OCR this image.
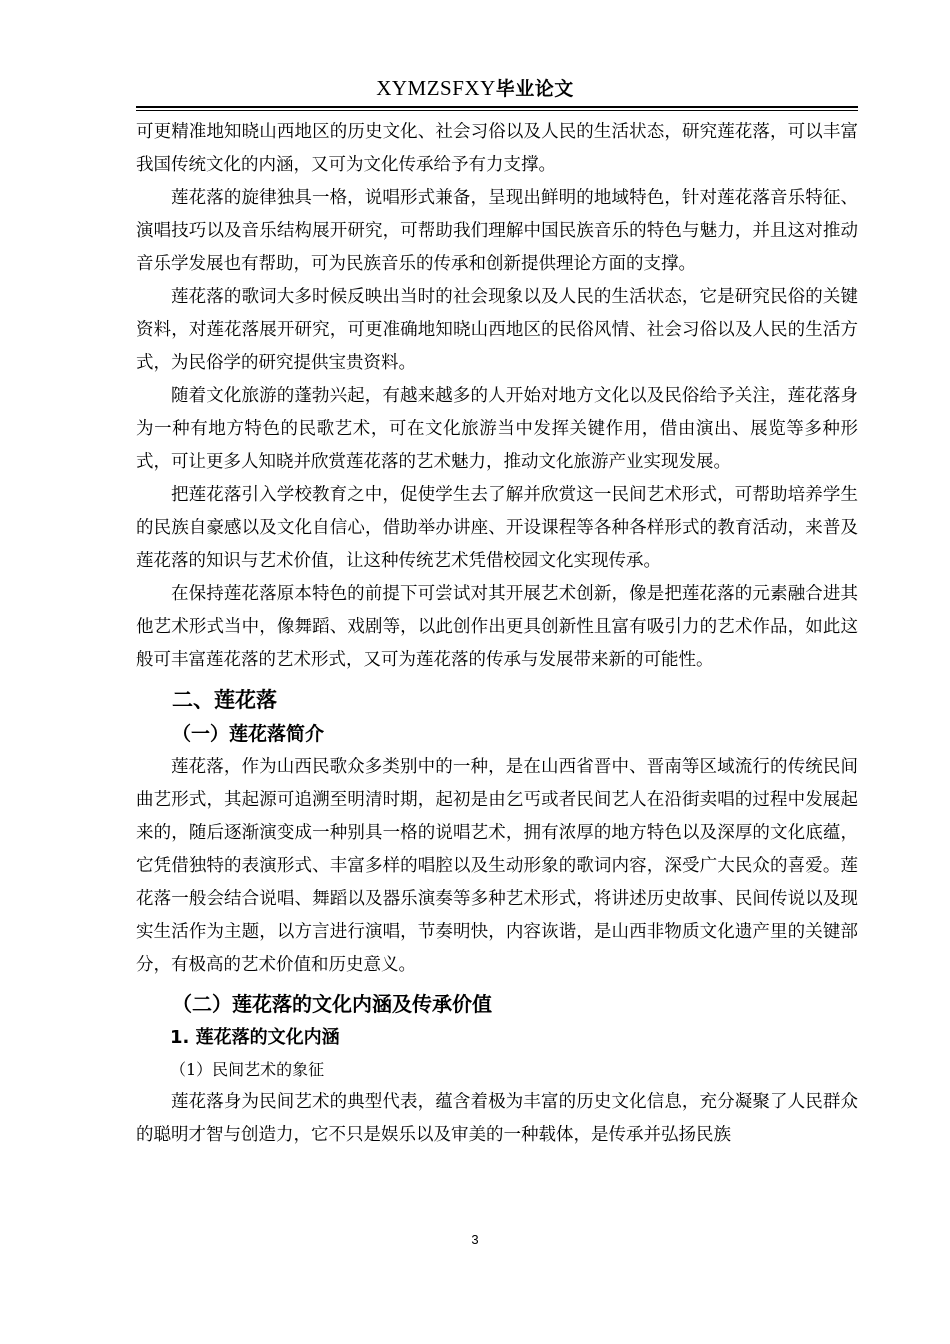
XYMZSFXY毕业论文

可更精准地知晓山西地区的历史文化、社会习俗以及人民的生活状态，研究莲花落，可以丰富我国传统文化的内涵，又可为文化传承给予有力支撑。

莲花落的旋律独具一格，说唱形式兼备，呈现出鲜明的地域特色，针对莲花落音乐特征、演唱技巧以及音乐结构展开研究，可帮助我们理解中国民族音乐的特色与魅力，并且这对推动音乐学发展也有帮助，可为民族音乐的传承和创新提供理论方面的支撑。

莲花落的歌词大多时候反映出当时的社会现象以及人民的生活状态，它是研究民俗的关键资料，对莲花落展开研究，可更准确地知晓山西地区的民俗风情、社会习俗以及人民的生活方式，为民俗学的研究提供宝贵资料。

随着文化旅游的蓬勃兴起，有越来越多的人开始对地方文化以及民俗给予关注，莲花落身为一种有地方特色的民歌艺术，可在文化旅游当中发挥关键作用，借由演出、展览等多种形式，可让更多人知晓并欣赏莲花落的艺术魅力，推动文化旅游产业实现发展。

把莲花落引入学校教育之中，促使学生去了解并欣赏这一民间艺术形式，可帮助培养学生的民族自豪感以及文化自信心，借助举办讲座、开设课程等各种各样形式的教育活动，来普及莲花落的知识与艺术价值，让这种传统艺术凭借校园文化实现传承。

在保持莲花落原本特色的前提下可尝试对其开展艺术创新，像是把莲花落的元素融合进其他艺术形式当中，像舞蹈、戏剧等，以此创作出更具创新性且富有吸引力的艺术作品，如此这般可丰富莲花落的艺术形式，又可为莲花落的传承与发展带来新的可能性。

二、莲花落
（一）莲花落简介

莲花落，作为山西民歌众多类别中的一种，是在山西省晋中、晋南等区域流行的传统民间曲艺形式，其起源可追溯至明清时期，起初是由乞丐或者民间艺人在沿街卖唱的过程中发展起来的，随后逐渐演变成一种别具一格的说唱艺术，拥有浓厚的地方特色以及深厚的文化底蕴，它凭借独特的表演形式、丰富多样的唱腔以及生动形象的歌词内容，深受广大民众的喜爱。莲花落一般会结合说唱、舞蹈以及器乐演奏等多种艺术形式，将讲述历史故事、民间传说以及现实生活作为主题，以方言进行演唱，节奏明快，内容诙谐，是山西非物质文化遗产里的关键部分，有极高的艺术价值和历史意义。

（二）莲花落的文化内涵及传承价值
1. 莲花落的文化内涵
（1）民间艺术的象征

莲花落身为民间艺术的典型代表，蕴含着极为丰富的历史文化信息，充分凝聚了人民群众的聪明才智与创造力，它不只是娱乐以及审美的一种载体，是传承并弘扬民族

3
